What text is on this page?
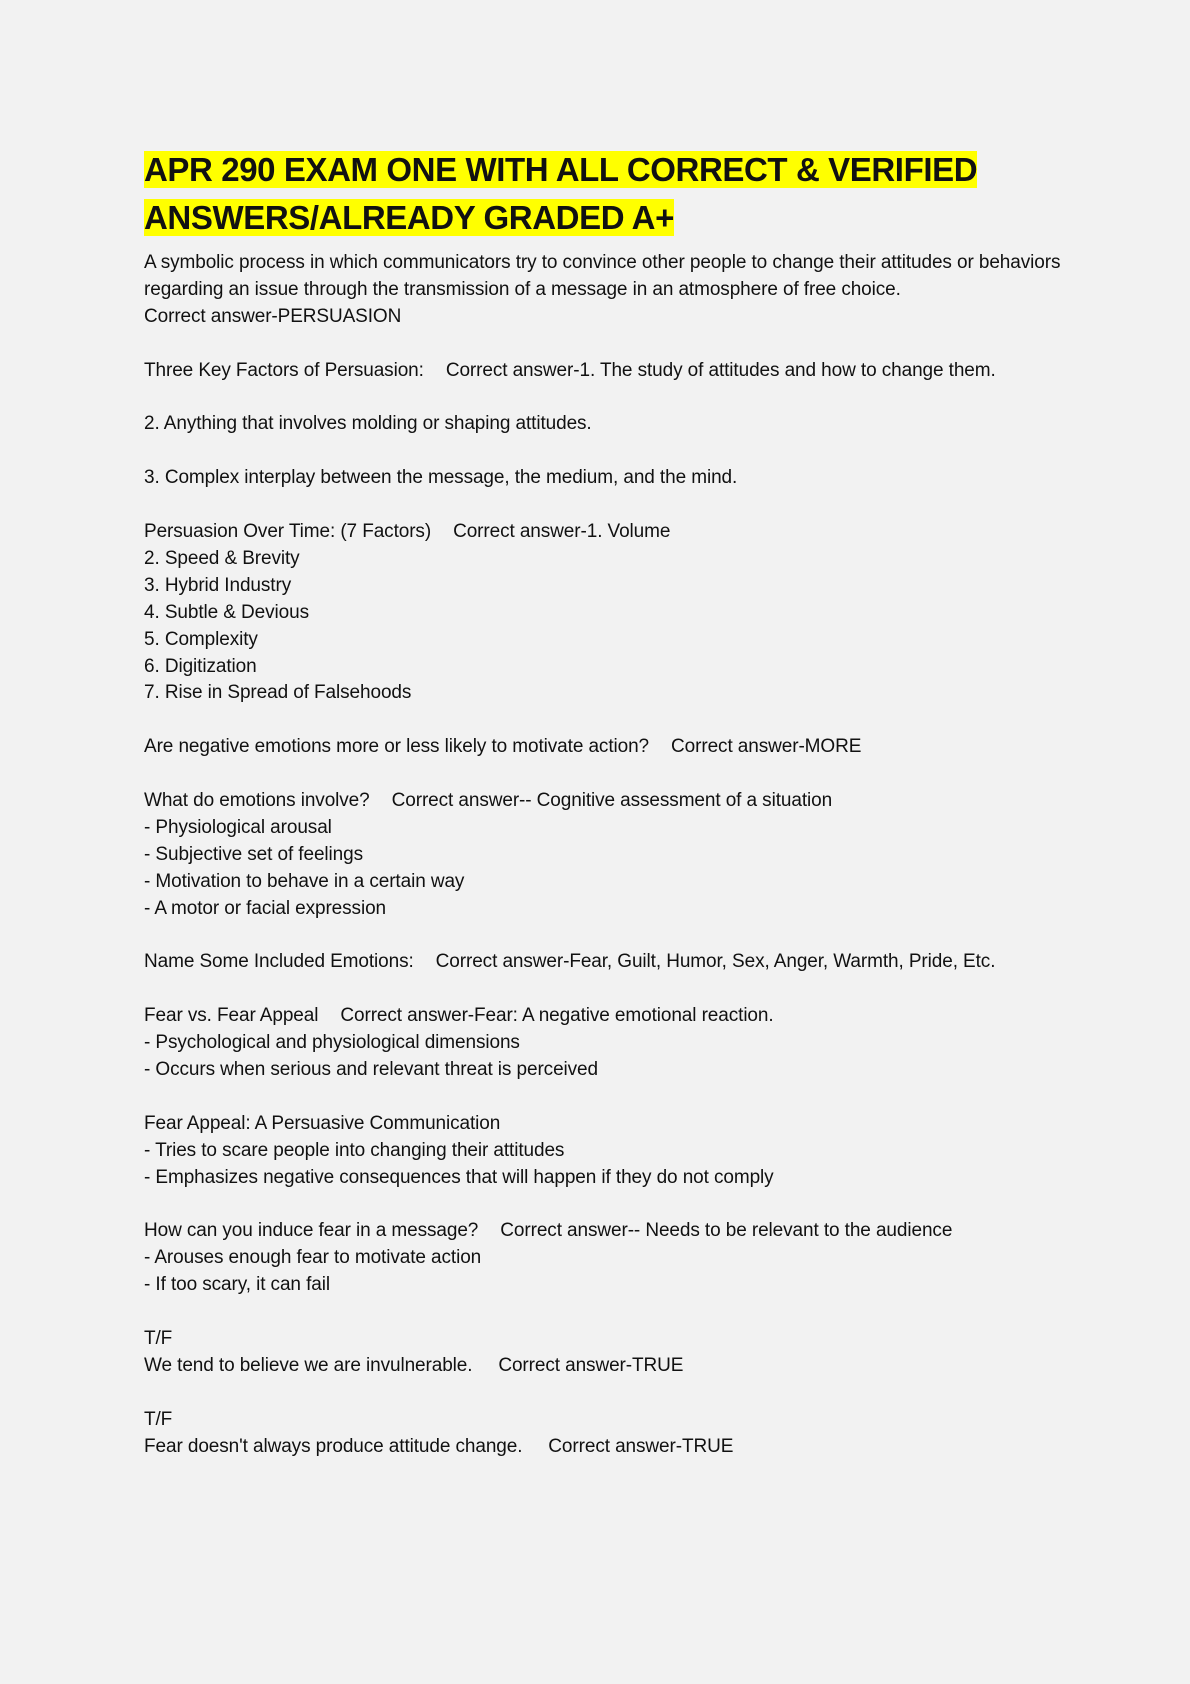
APR 290 EXAM ONE WITH ALL CORRECT & VERIFIED ANSWERS/ALREADY GRADED A+

A symbolic process in which communicators try to convince other people to change their attitudes or behaviors regarding an issue through the transmission of a message in an atmosphere of free choice.
Correct answer-PERSUASION

Three Key Factors of Persuasion: Correct answer-1. The study of attitudes and how to change them.

2. Anything that involves molding or shaping attitudes.

3. Complex interplay between the message, the medium, and the mind.

Persuasion Over Time: (7 Factors) Correct answer-1. Volume
2. Speed & Brevity
3. Hybrid Industry
4. Subtle & Devious
5. Complexity
6. Digitization
7. Rise in Spread of Falsehoods

Are negative emotions more or less likely to motivate action? Correct answer-MORE

What do emotions involve? Correct answer-- Cognitive assessment of a situation
- Physiological arousal
- Subjective set of feelings
- Motivation to behave in a certain way
- A motor or facial expression

Name Some Included Emotions: Correct answer-Fear, Guilt, Humor, Sex, Anger, Warmth, Pride, Etc.

Fear vs. Fear Appeal Correct answer-Fear: A negative emotional reaction.
- Psychological and physiological dimensions
- Occurs when serious and relevant threat is perceived

Fear Appeal: A Persuasive Communication
- Tries to scare people into changing their attitudes
- Emphasizes negative consequences that will happen if they do not comply

How can you induce fear in a message? Correct answer-- Needs to be relevant to the audience
- Arouses enough fear to motivate action
- If too scary, it can fail

T/F
We tend to believe we are invulnerable.     Correct answer-TRUE

T/F
Fear doesn't always produce attitude change.     Correct answer-TRUE
